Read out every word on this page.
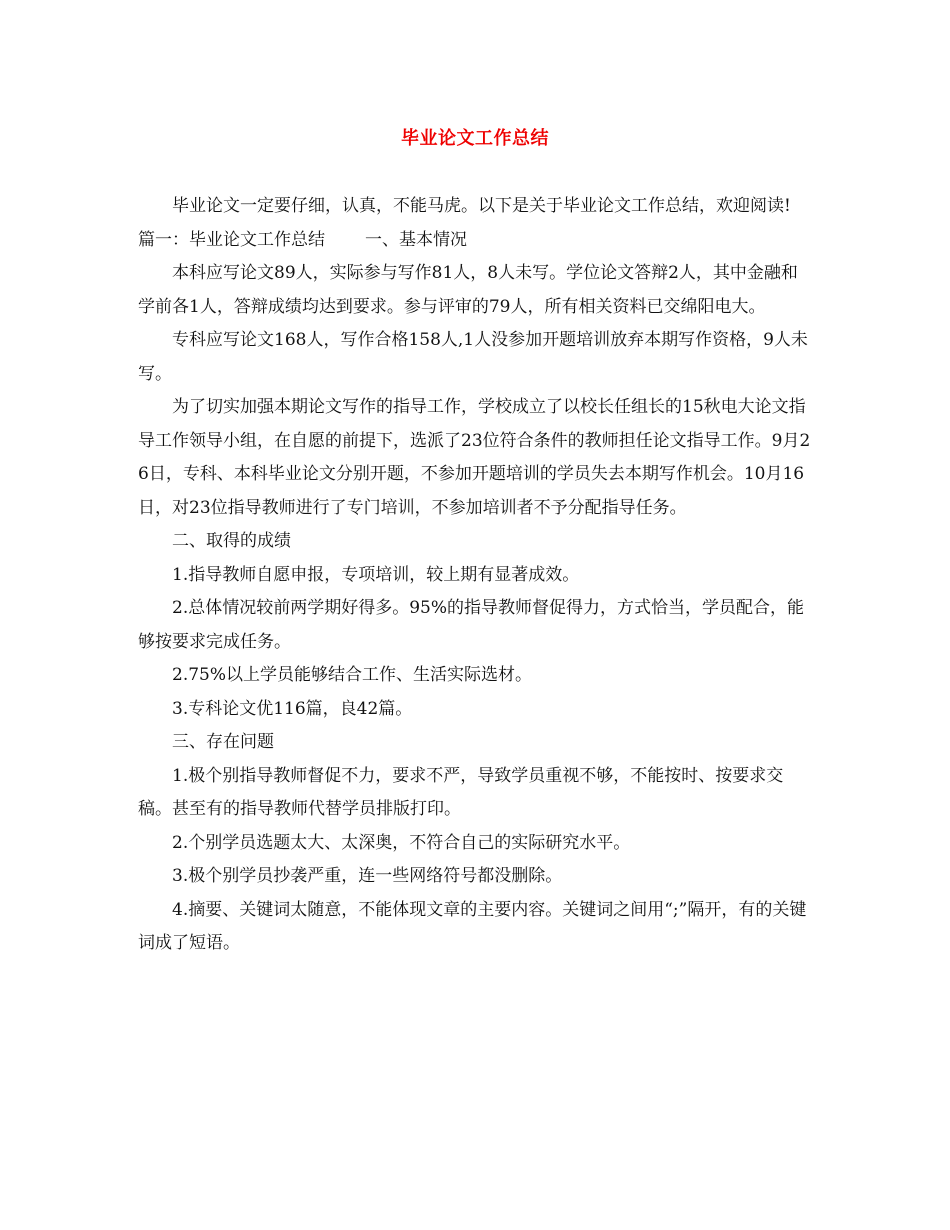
毕业论文工作总结

毕业论文一定要仔细，认真，不能马虎。以下是关于毕业论文工作总结，欢迎阅读!

篇一：毕业论文工作总结 一、基本情况

本科应写论文89人，实际参与写作81人，8人未写。学位论文答辩2人，其中金融和学前各1人，答辩成绩均达到要求。参与评审的79人，所有相关资料已交绵阳电大。

专科应写论文168人，写作合格158人,1人没参加开题培训放弃本期写作资格，9人未写。

为了切实加强本期论文写作的指导工作，学校成立了以校长任组长的15秋电大论文指导工作领导小组，在自愿的前提下，选派了23位符合条件的教师担任论文指导工作。9月26日，专科、本科毕业论文分别开题，不参加开题培训的学员失去本期写作机会。10月16日，对23位指导教师进行了专门培训，不参加培训者不予分配指导任务。

二、取得的成绩

1.指导教师自愿申报，专项培训，较上期有显著成效。

2.总体情况较前两学期好得多。95%的指导教师督促得力，方式恰当，学员配合，能够按要求完成任务。

2.75%以上学员能够结合工作、生活实际选材。

3.专科论文优116篇，良42篇。

三、存在问题

1.极个别指导教师督促不力，要求不严，导致学员重视不够，不能按时、按要求交稿。甚至有的指导教师代替学员排版打印。

2.个别学员选题太大、太深奥，不符合自己的实际研究水平。

3.极个别学员抄袭严重，连一些网络符号都没删除。

4.摘要、关键词太随意，不能体现文章的主要内容。关键词之间用“;”隔开，有的关键词成了短语。
